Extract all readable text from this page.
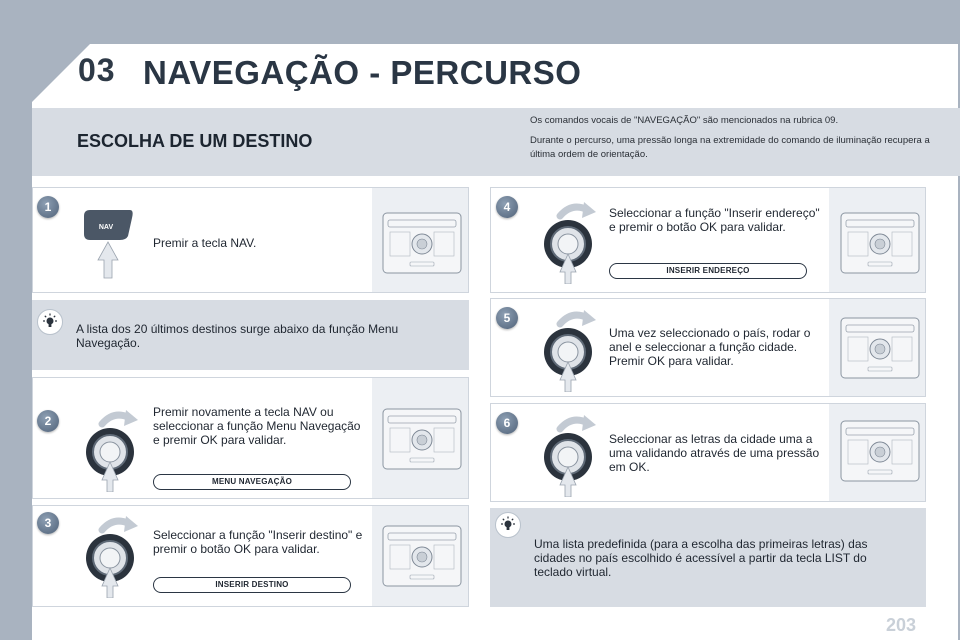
03 NAVEGAÇÃO - PERCURSO
ESCOLHA DE UM DESTINO

Os comandos vocais de "NAVEGAÇÃO" são mencionados na rubrica 09.

Durante o percurso, uma pressão longa na extremidade do comando de iluminação recupera a última ordem de orientação.

1
NAV
Premir a tecla NAV.
A lista dos 20 últimos destinos surge abaixo da função Menu Navegação.
2
Premir novamente a tecla NAV ou seleccionar a função Menu Navegação e premir OK para validar.
MENU NAVEGAÇÃO
3
Seleccionar a função "Inserir destino" e premir o botão OK para validar.
INSERIR DESTINO
4	Seleccionar a função "Inserir endereço" e premir o botão OK para validar.
INSERIR ENDEREÇO
5
Uma vez seleccionado o país, rodar o anel e seleccionar a função cidade. Premir OK para validar.
6
Seleccionar as letras da cidade uma a uma validando através de uma pressão em OK.
Uma lista predefinida (para a escolha das primeiras letras) das cidades no país escolhido é acessível a partir da tecla LIST do teclado virtual.
203
